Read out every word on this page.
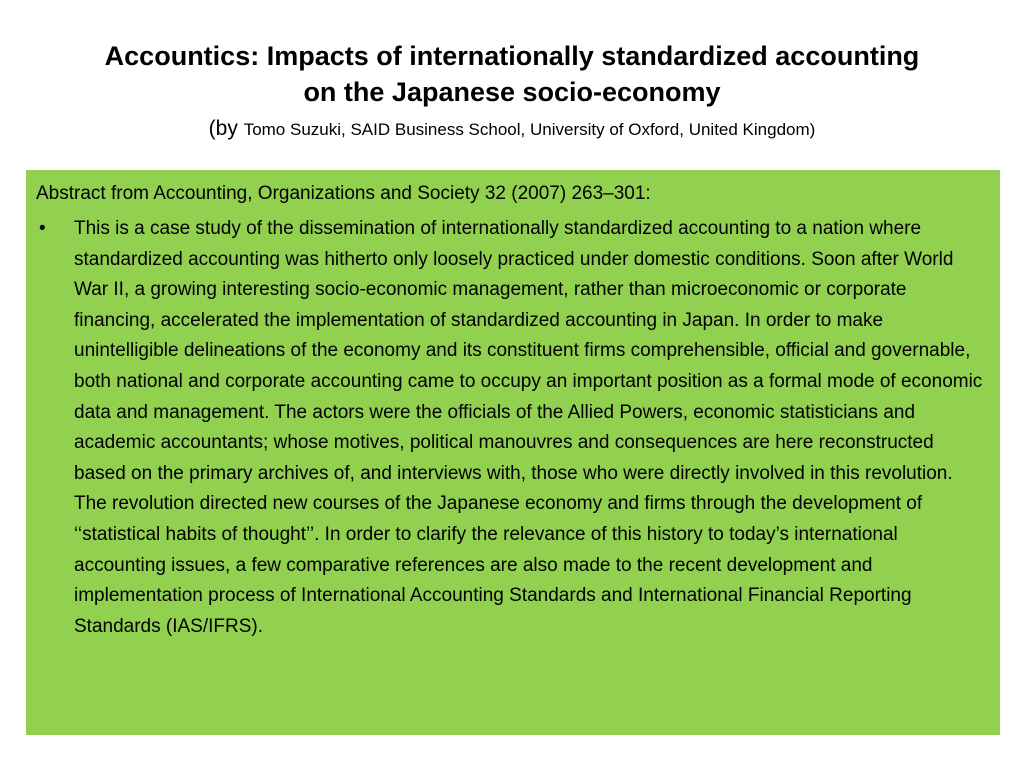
Accountics: Impacts of internationally standardized accounting
on the Japanese socio-economy

(by Tomo Suzuki, SAID Business School, University of Oxford, United Kingdom)

Abstract from Accounting, Organizations and Society 32 (2007) 263–301:

• This is a case study of the dissemination of internationally standardized accounting to a nation where standardized accounting was hitherto only loosely practiced under domestic conditions. Soon after World War II, a growing interesting socio-economic management, rather than microeconomic or corporate financing, accelerated the implementation of standardized accounting in Japan. In order to make unintelligible delineations of the economy and its constituent firms comprehensible, official and governable, both national and corporate accounting came to occupy an important position as a formal mode of economic data and management. The actors were the officials of the Allied Powers, economic statisticians and academic accountants; whose motives, political manouvres and consequences are here reconstructed based on the primary archives of, and interviews with, those who were directly involved in this revolution. The revolution directed new courses of the Japanese economy and firms through the development of ‘‘statistical habits of thought’’. In order to clarify the relevance of this history to today’s international accounting issues, a few comparative references are also made to the recent development and implementation process of International Accounting Standards and International Financial Reporting Standards (IAS/IFRS).
